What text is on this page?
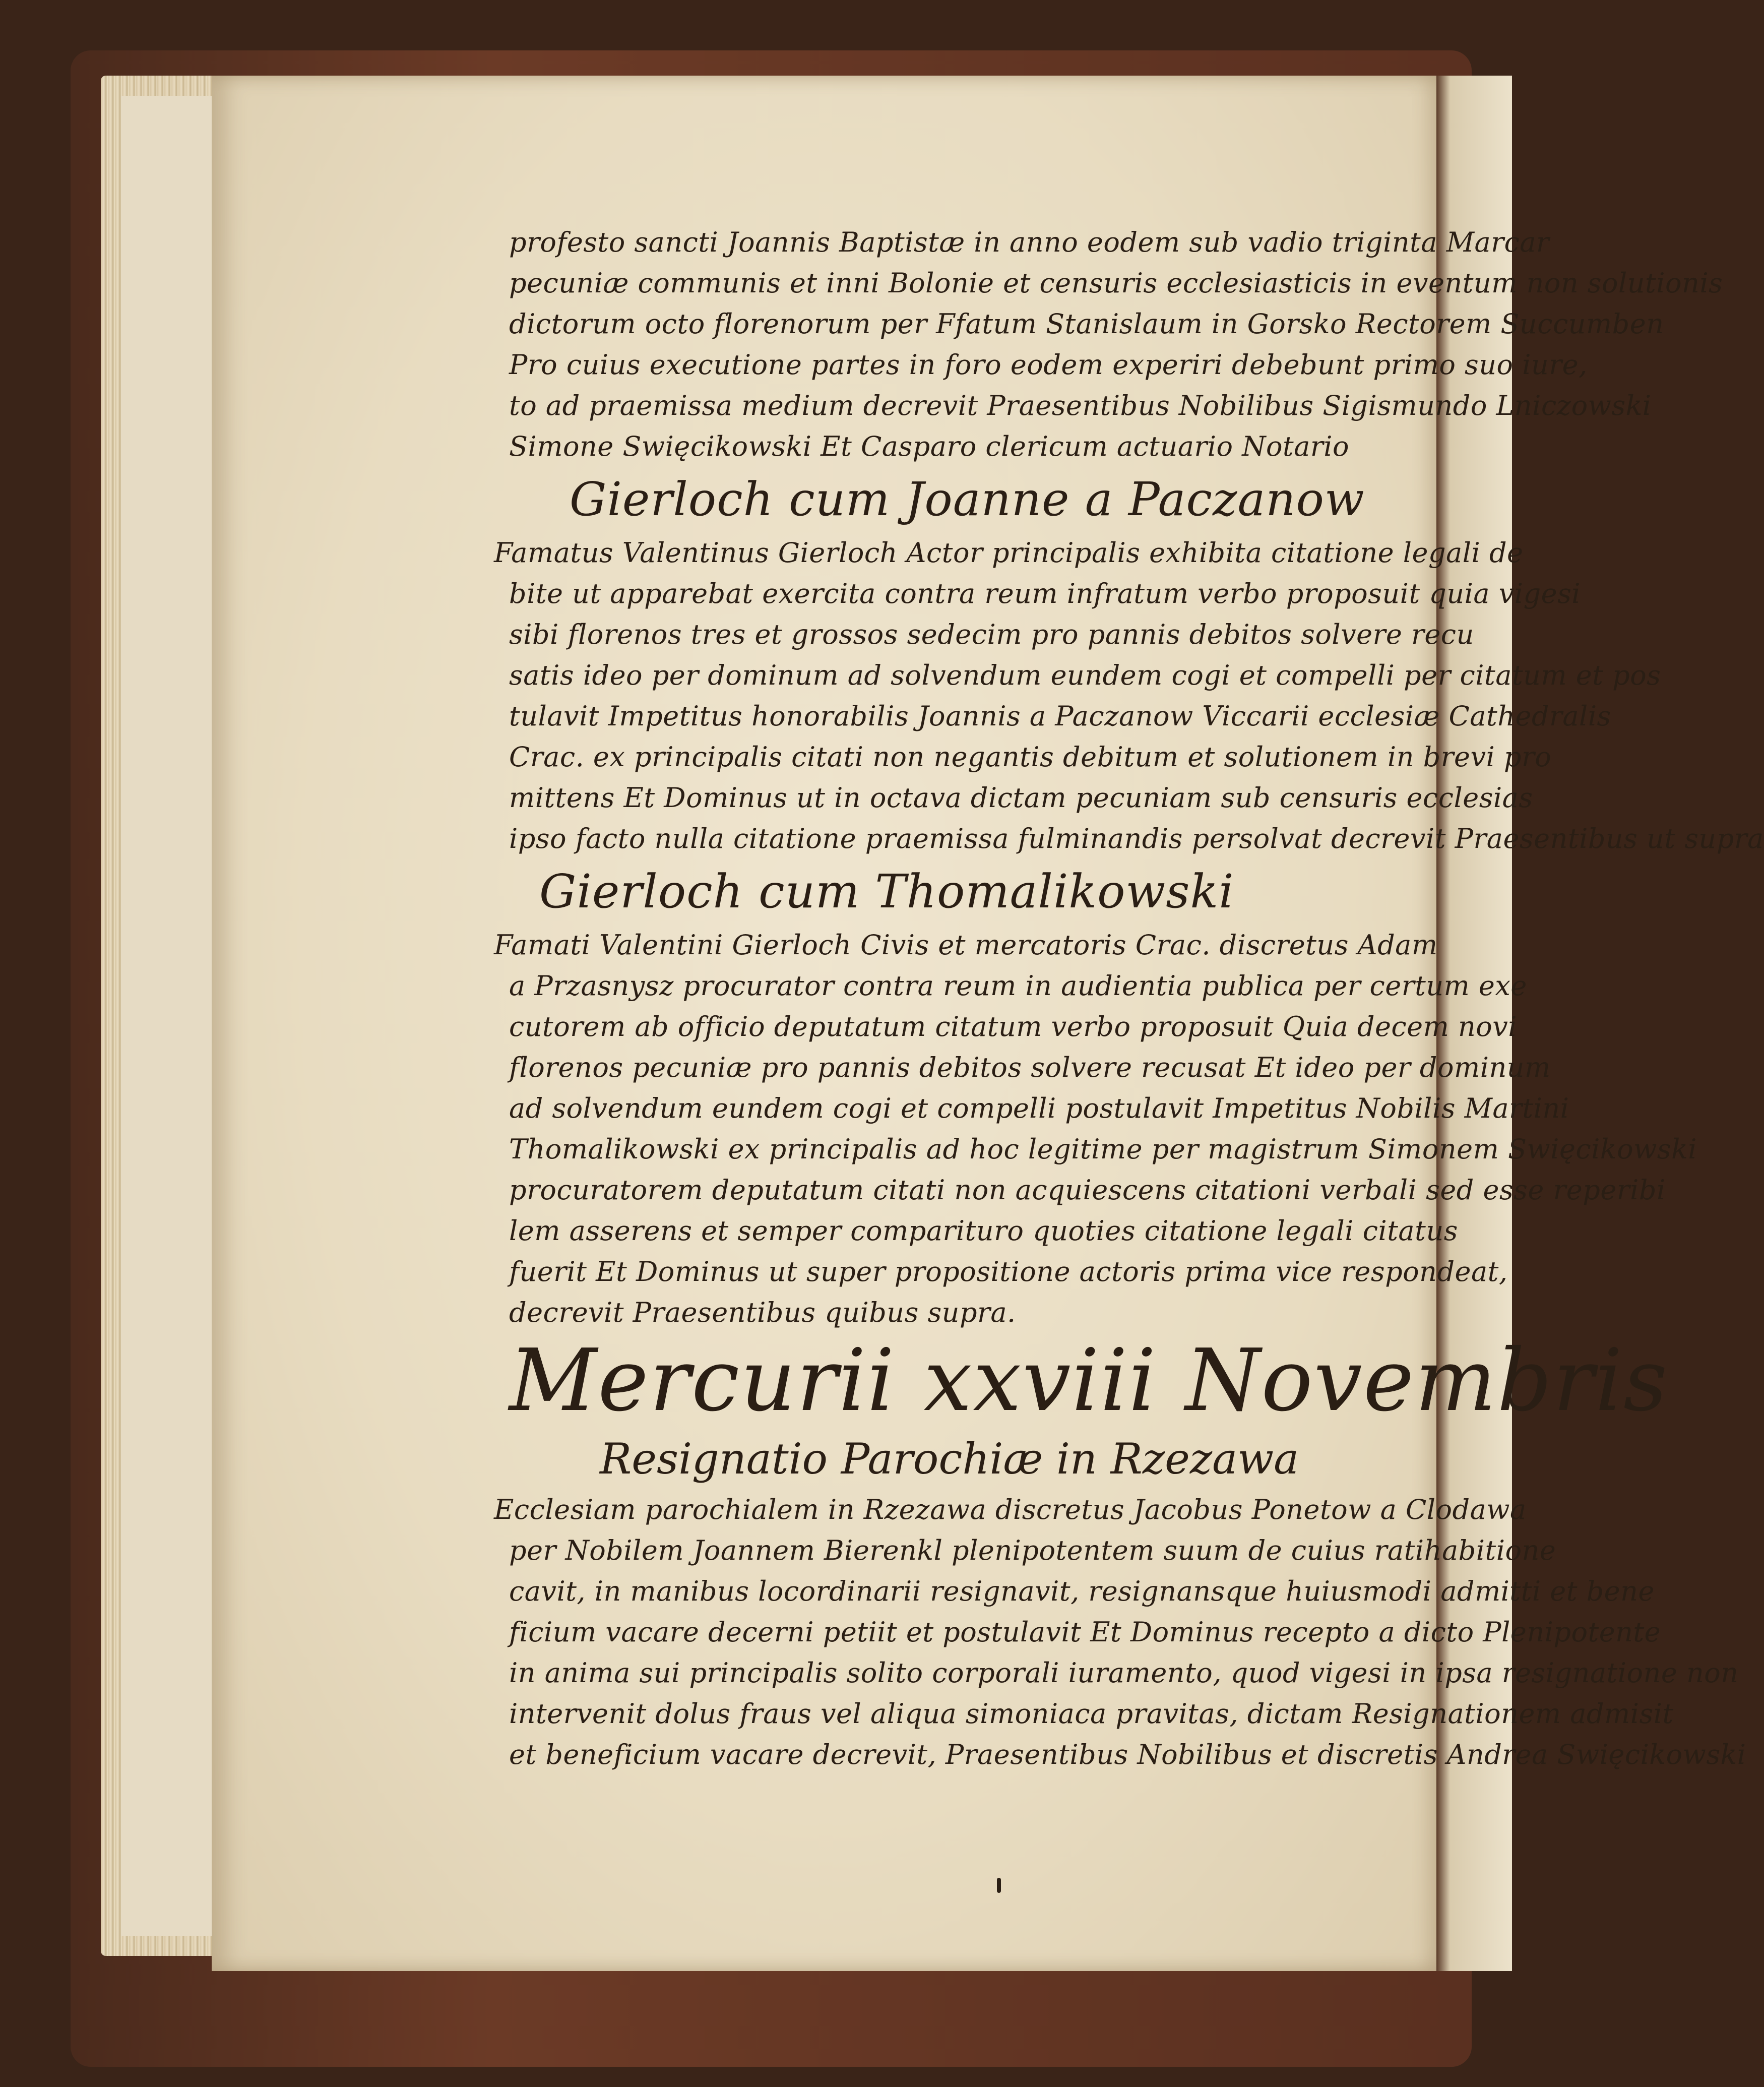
profesto sancti Joannis Baptistæ in anno eodem sub vadio triginta Marcar
pecuniæ communis et inni Bolonie et censuris ecclesiasticis in eventum non solutionis
dictorum octo florenorum per Ffatum Stanislaum in Gorsko Rectorem Succumben
Pro cuius executione partes in foro eodem experiri debebunt primo suo iure,
to ad praemissa medium decrevit Praesentibus Nobilibus Sigismundo Lniczowski
Simone Swięcikowski Et Casparo clericum actuario Notario
Gierloch cum Joanne a Paczanow
Famatus Valentinus Gierloch Actor principalis exhibita citatione legali de
bite ut apparebat exercita contra reum infratum verbo proposuit quia vigesi
sibi florenos tres et grossos sedecim pro pannis debitos solvere recu
satis ideo per dominum ad solvendum eundem cogi et compelli per citatum et pos
tulavit Impetitus honorabilis Joannis a Paczanow Viccarii ecclesiæ Cathedralis
Crac. ex principalis citati non negantis debitum et solutionem in brevi pro
mittens Et Dominus ut in octava dictam pecuniam sub censuris ecclesias
ipso facto nulla citatione praemissa fulminandis persolvat decrevit Praesentibus ut supra
Gierloch cum Thomalikowski
Famati Valentini Gierloch Civis et mercatoris Crac. discretus Adam
a Przasnysz procurator contra reum in audientia publica per certum exe
cutorem ab officio deputatum citatum verbo proposuit Quia decem novi
florenos pecuniæ pro pannis debitos solvere recusat Et ideo per dominum
ad solvendum eundem cogi et compelli postulavit Impetitus Nobilis Martini
Thomalikowski ex principalis ad hoc legitime per magistrum Simonem Swięcikowski
procuratorem deputatum citati non acquiescens citationi verbali sed esse reperibi
lem asserens et semper comparituro quoties citatione legali citatus
fuerit Et Dominus ut super propositione actoris prima vice respondeat,
decrevit Praesentibus quibus supra.
Mercurii xxviii Novembris
Resignatio Parochiæ in Rzezawa
Ecclesiam parochialem in Rzezawa discretus Jacobus Ponetow a Clodawa
per Nobilem Joannem Bierenkl plenipotentem suum de cuius ratihabitione
cavit, in manibus locordinarii resignavit, resignansque huiusmodi admitti et bene
ficium vacare decerni petiit et postulavit Et Dominus recepto a dicto Plenipotente
in anima sui principalis solito corporali iuramento, quod vigesi in ipsa resignatione non
intervenit dolus fraus vel aliqua simoniaca pravitas, dictam Resignationem admisit
et beneficium vacare decrevit, Praesentibus Nobilibus et discretis Andrea Swięcikowski
